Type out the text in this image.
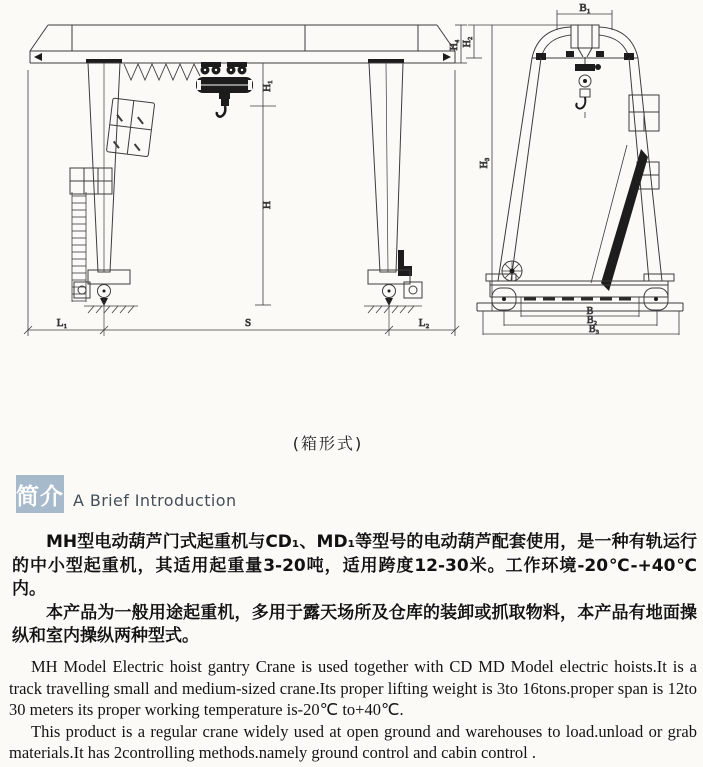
H₁
H
H₄
L₁	S	L₂
B₁
B
B₂
B₃
H₂
H₃
(箱形式)
简介 A Brief Introduction

MH型电动葫芦门式起重机与CD₁、MD₁等型号的电动葫芦配套使用，是一种有轨运行的中小型起重机，其适用起重量3-20吨，适用跨度12-30米。工作环境-20℃-+40℃内。

本产品为一般用途起重机，多用于露天场所及仓库的装卸或抓取物料，本产品有地面操纵和室内操纵两种型式。

MH Model Electric hoist gantry Crane is used together with CD MD Model electric hoists.It is a track travelling small and medium-sized crane.Its proper lifting weight is 3to 16tons.proper span is 12to 30 meters its proper working temperature is-20℃ to+40℃.

This product is a regular crane widely used at open ground and warehouses to load.unload or grab materials.It has 2controlling methods.namely ground control and cabin control .
